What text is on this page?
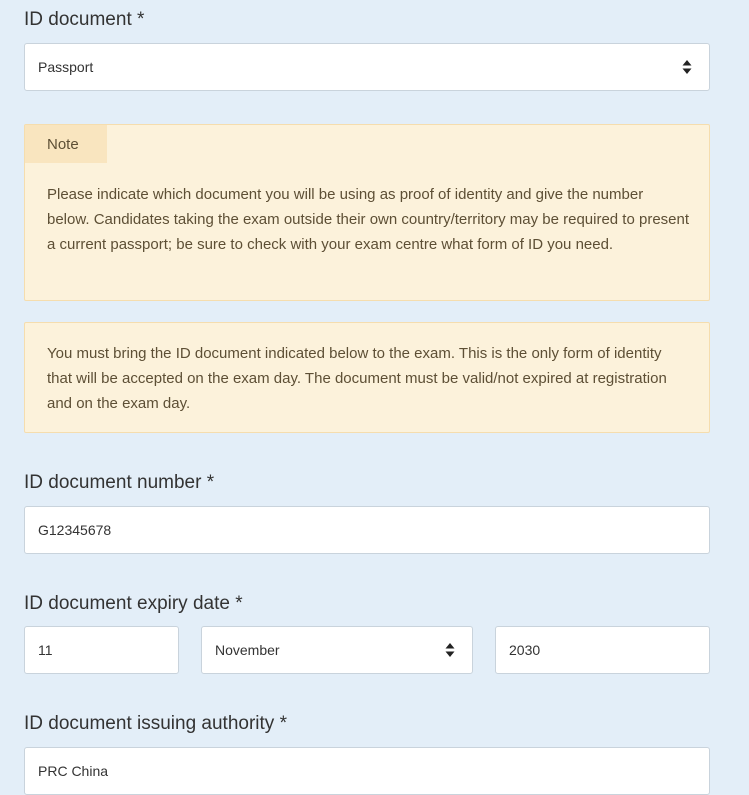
ID document *
Passport
Note
Please indicate which document you will be using as proof of identity and give the number below. Candidates taking the exam outside their own country/territory may be required to present a current passport; be sure to check with your exam centre what form of ID you need.
You must bring the ID document indicated below to the exam. This is the only form of identity that will be accepted on the exam day. The document must be valid/not expired at registration and on the exam day.
ID document number *
G12345678
ID document expiry date *
11	November	2030
ID document issuing authority *
PRC China
